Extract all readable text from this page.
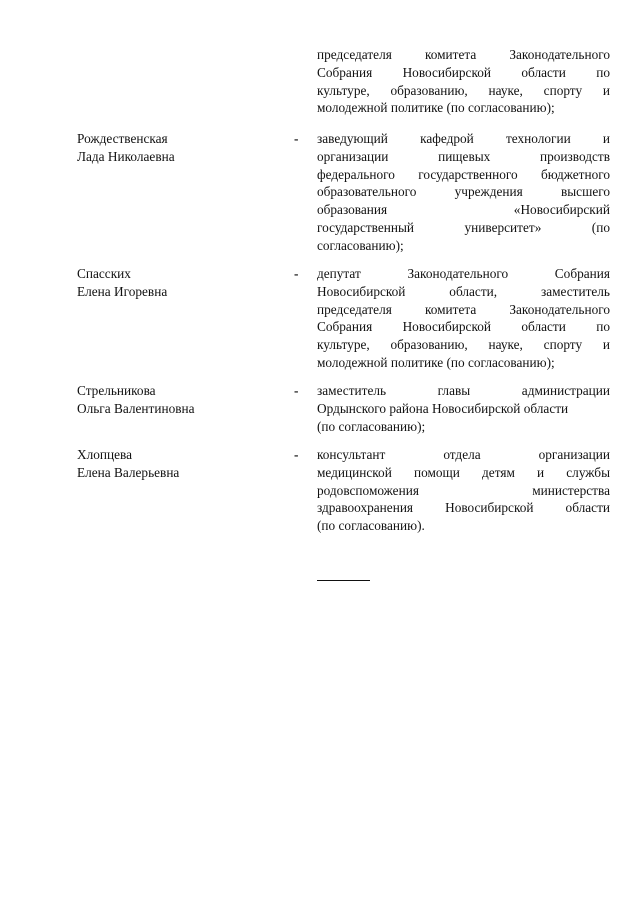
председателя комитета Законодательного
Собрания Новосибирской области по
культуре, образованию, науке, спорту и
молодежной политике (по согласованию);
Рождественская
Лада Николаевна
- заведующий кафедрой технологии и
организации пищевых производств
федерального государственного бюджетного
образовательного учреждения высшего
образования «Новосибирский
государственный университет» (по
согласованию);
Спасских
Елена Игоревна
- депутат Законодательного Собрания
Новосибирской области, заместитель
председателя комитета Законодательного
Собрания Новосибирской области по
культуре, образованию, науке, спорту и
молодежной политике (по согласованию);
Стрельникова
Ольга Валентиновна
- заместитель главы администрации
Ордынского района Новосибирской области
(по согласованию);
Хлопцева
Елена Валерьевна
- консультант отдела организации
медицинской помощи детям и службы
родовспоможения министерства
здравоохранения Новосибирской области
(по согласованию).
